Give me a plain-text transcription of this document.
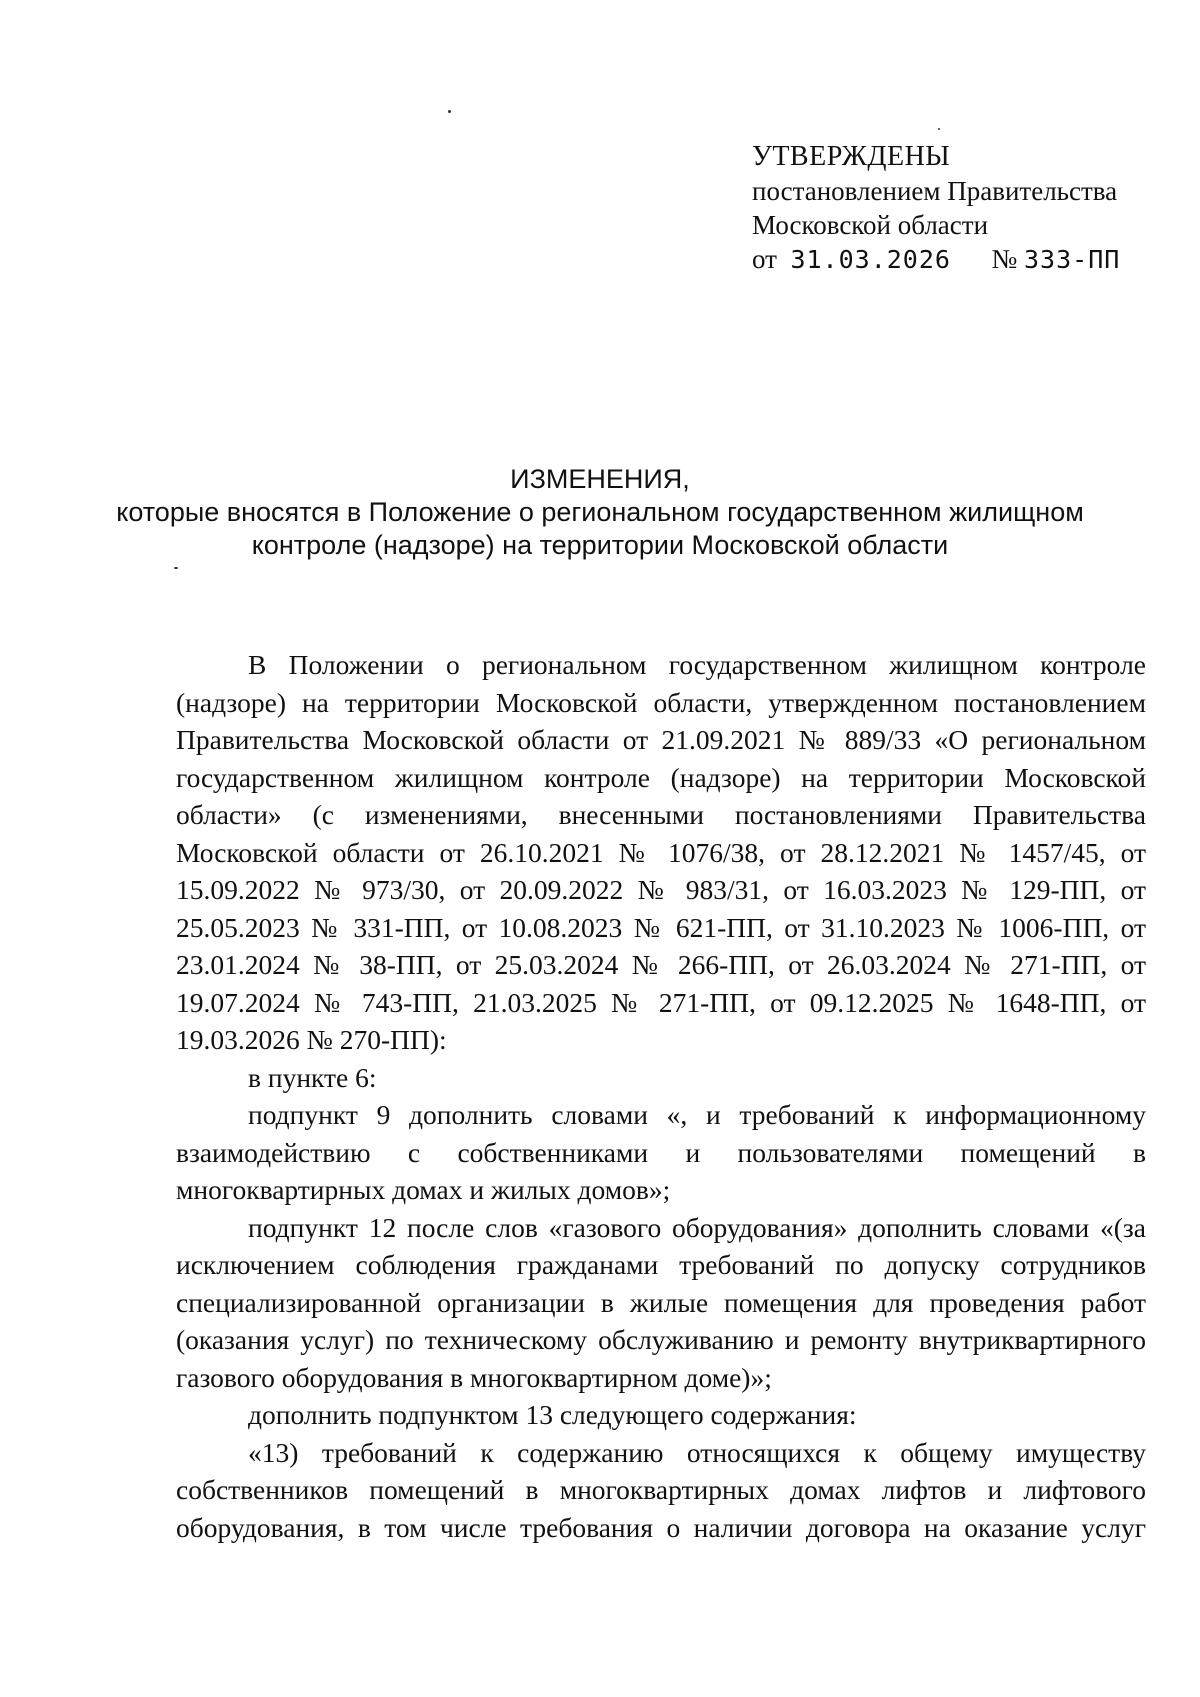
УТВЕРЖДЕНЫ
постановлением Правительства
Московской области
от 31.03.2026 № 333-ПП
ИЗМЕНЕНИЯ,
которые вносятся в Положение о региональном государственном жилищном
контроле (надзоре) на территории Московской области

В Положении о региональном государственном жилищном контроле (надзоре) на территории Московской области, утвержденном постановлением Правительства Московской области от 21.09.2021 № 889/33 «О региональном государственном жилищном контроле (надзоре) на территории Московской области» (с изменениями, внесенными постановлениями Правительства Московской области от 26.10.2021 № 1076/38, от 28.12.2021 № 1457/45, от 15.09.2022 № 973/30, от 20.09.2022 № 983/31, от 16.03.2023 № 129-ПП, от 25.05.2023 № 331-ПП, от 10.08.2023 № 621-ПП, от 31.10.2023 № 1006-ПП, от 23.01.2024 № 38-ПП, от 25.03.2024 № 266-ПП, от 26.03.2024 № 271-ПП, от 19.07.2024 № 743-ПП, 21.03.2025 № 271-ПП, от 09.12.2025 № 1648-ПП, от 19.03.2026 № 270-ПП):

в пункте 6:

подпункт 9 дополнить словами «, и требований к информационному взаимодействию с собственниками и пользователями помещений в многоквартирных домах и жилых домов»;

подпункт 12 после слов «газового оборудования» дополнить словами «(за исключением соблюдения гражданами требований по допуску сотрудников специализированной организации в жилые помещения для проведения работ (оказания услуг) по техническому обслуживанию и ремонту внутриквартирного газового оборудования в многоквартирном доме)»;

дополнить подпунктом 13 следующего содержания:

«13) требований к содержанию относящихся к общему имуществу собственников помещений в многоквартирных домах лифтов и лифтового оборудования, в том числе требования о наличии договора на оказание услуг
